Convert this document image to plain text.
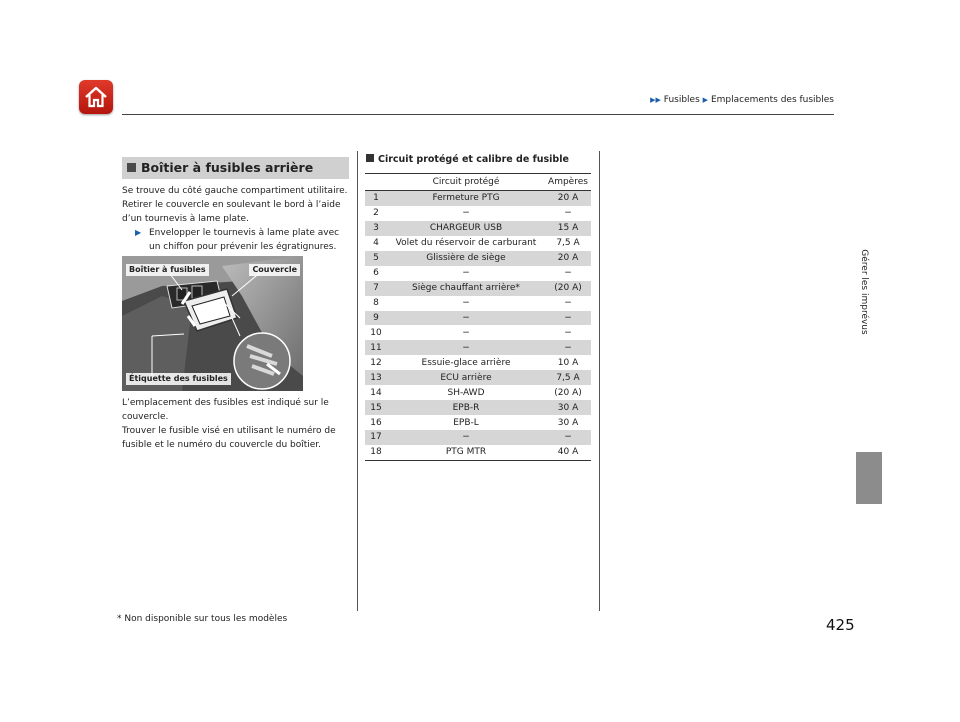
▶▶ Fusibles ▶ Emplacements des fusibles
Gérer les imprévus
Boîtier à fusibles arrière
Se trouve du côté gauche compartiment utilitaire. Retirer le couvercle en soulevant le bord à l’aide d’un tournevis à lame plate.
▶ Envelopper le tournevis à lame plate avec un chiffon pour prévenir les égratignures.
Boîtier à fusibles	Couvercle
Étiquette des fusibles
L’emplacement des fusibles est indiqué sur le couvercle.
Trouver le fusible visé en utilisant le numéro de fusible et le numéro du couvercle du boîtier.
Circuit protégé et calibre de fusible
	Circuit protégé	Ampères
1	Fermeture PTG	20 A
2	−	−
3	CHARGEUR USB	15 A
4	Volet du réservoir de carburant	7,5 A
5	Glissière de siège	20 A
6	−	−
7	Siège chauffant arrière*	(20 A)
8	−	−
9	−	−
10	−	−
11	−	−
12	Essuie-glace arrière	10 A
13	ECU arrière	7,5 A
14	SH-AWD	(20 A)
15	EPB-R	30 A
16	EPB-L	30 A
17	−	−
18	PTG MTR	40 A
425
* Non disponible sur tous les modèles
